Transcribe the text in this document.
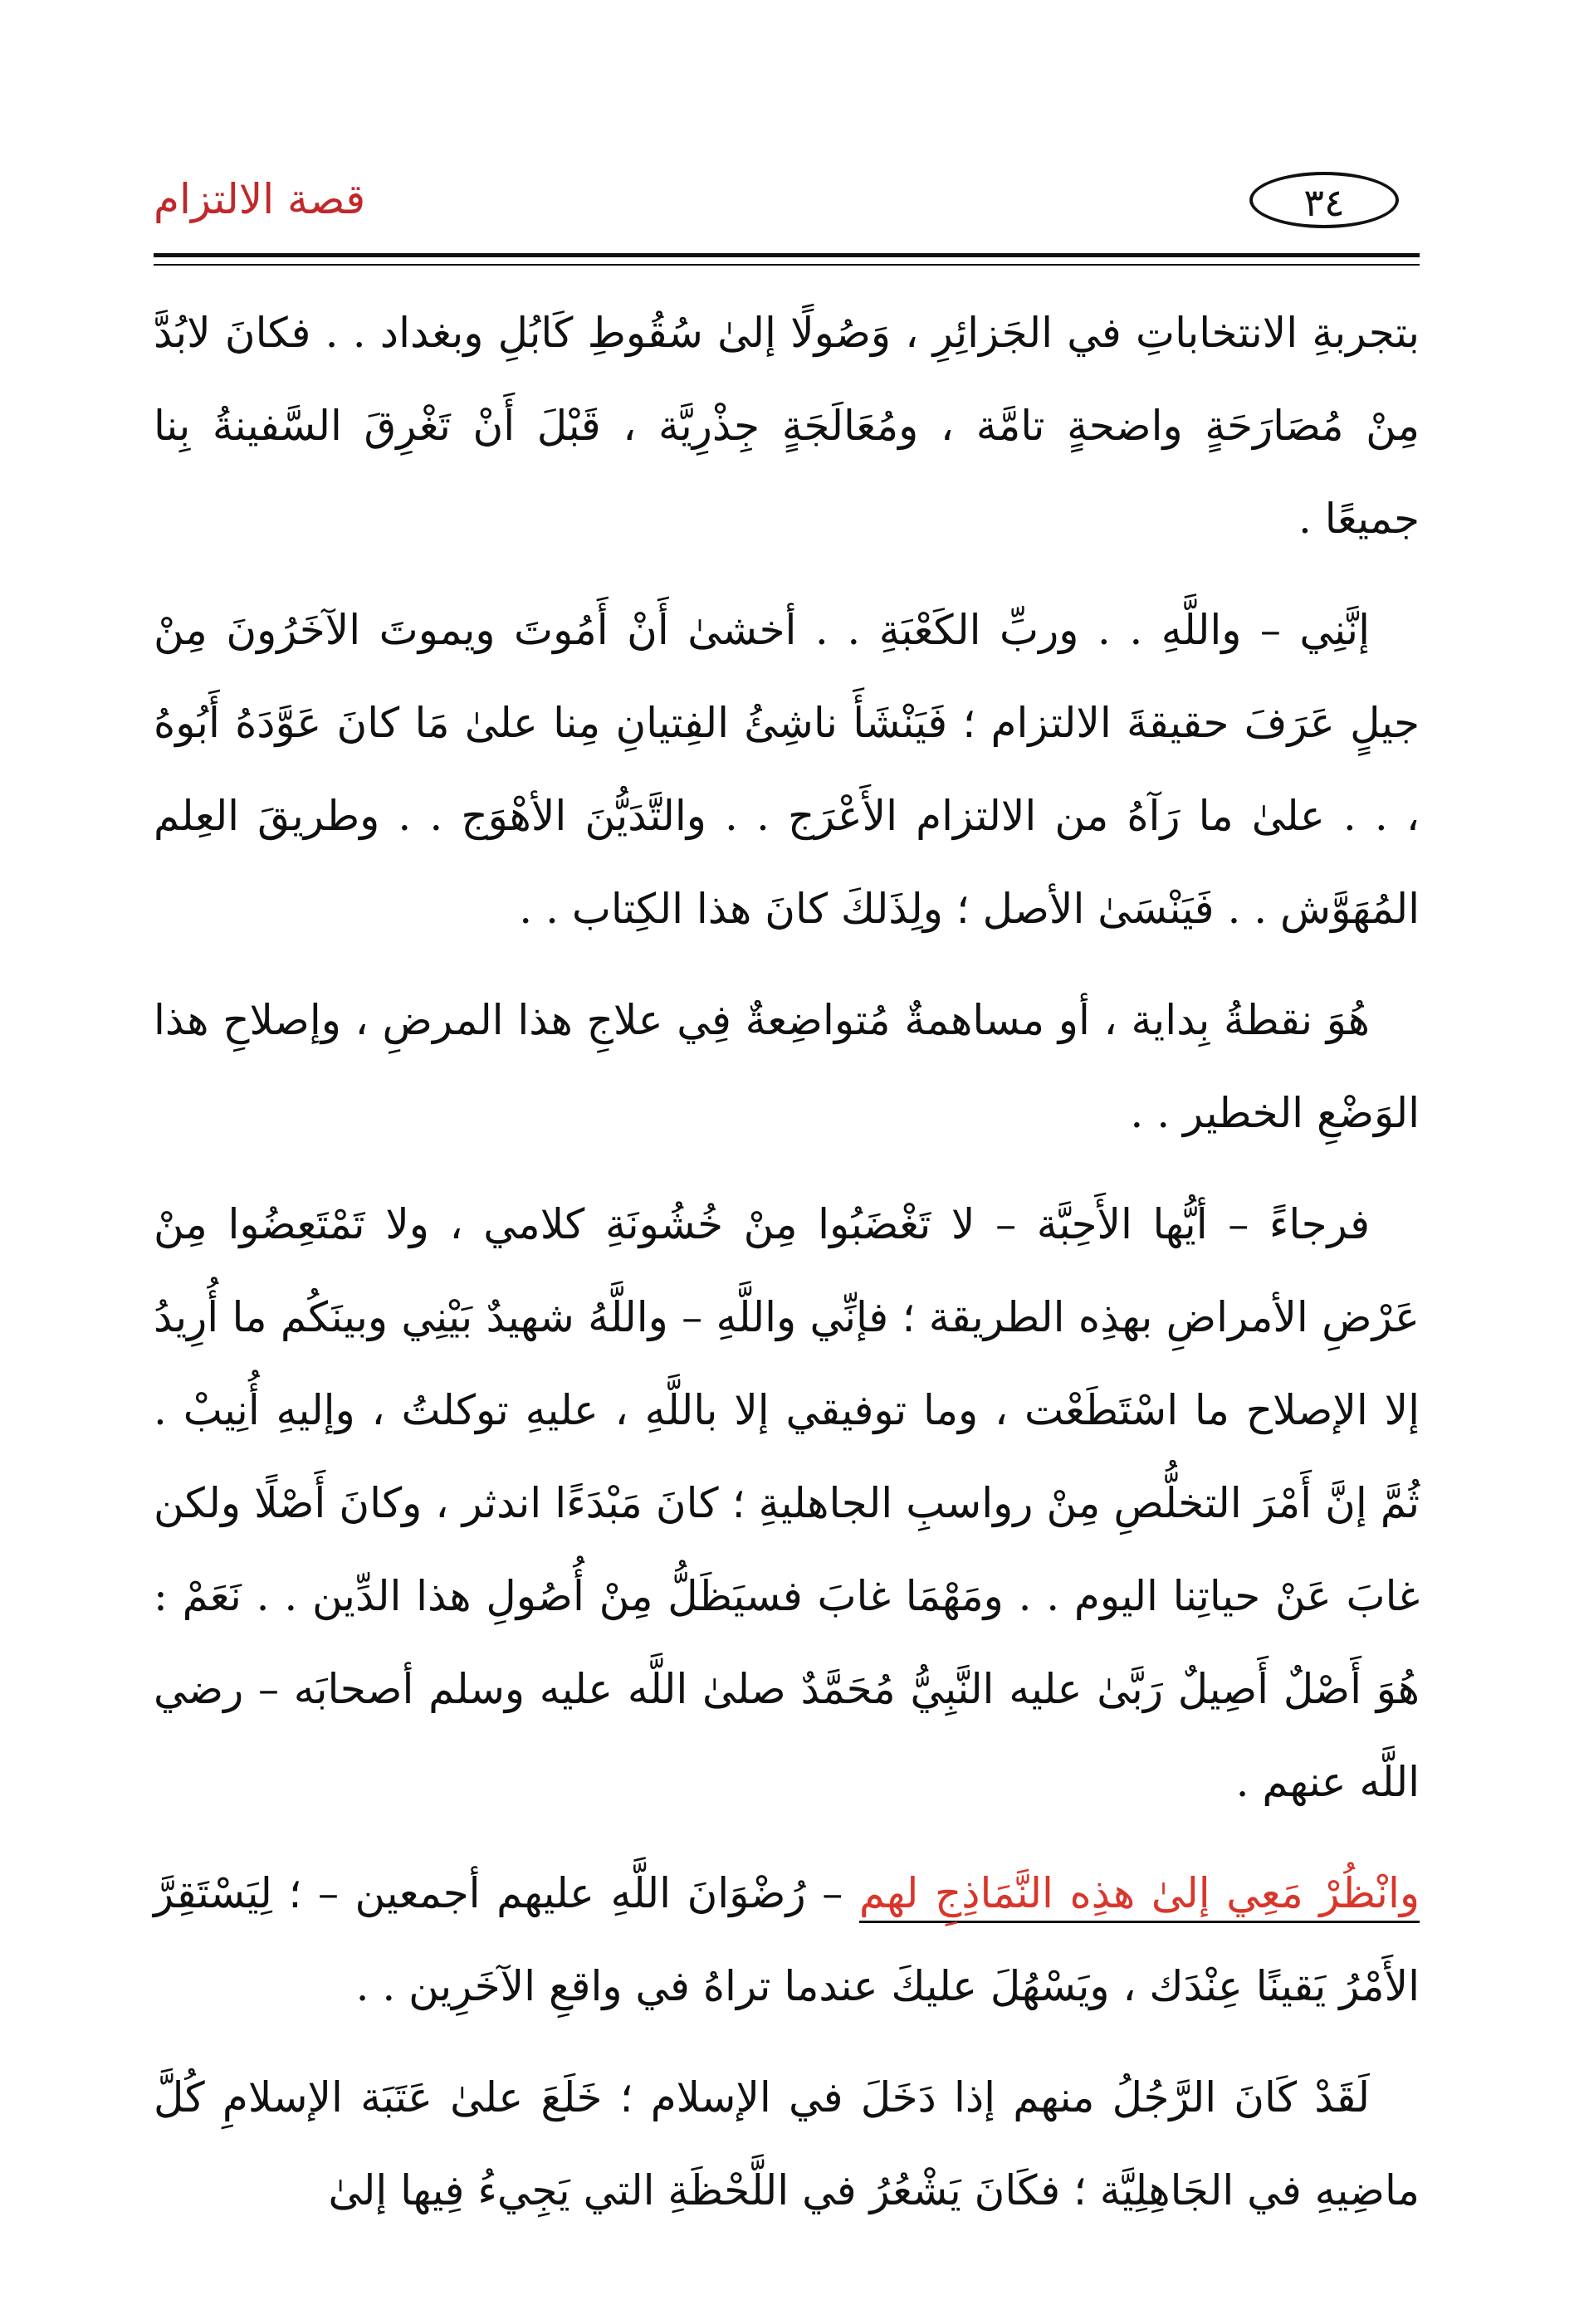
قصة الالتزام	٣٤

بتجربةِ الانتخاباتِ في الجَزائِرِ ، وَصُولًا إلىٰ سُقُوطِ كَابُلِ وبغداد . . فكانَ لابُدَّ مِنْ مُصَارَحَةٍ واضحةٍ تامَّة ، ومُعَالَجَةٍ جِذْرِيَّة ، قَبْلَ أَنْ تَغْرِقَ السَّفينةُ بِنا جميعًا .

إنَّنِي – واللَّهِ . . وربِّ الكَعْبَةِ . . أخشىٰ أَنْ أَمُوتَ ويموتَ الآخَرُونَ مِنْ جيلٍ عَرَفَ حقيقةَ الالتزام ؛ فَيَنْشَأَ ناشِئُ الفِتيانِ مِنا علىٰ مَا كانَ عَوَّدَهُ أَبُوهُ ، . . علىٰ ما رَآهُ من الالتزام الأَعْرَج . . والتَّدَيُّنَ الأهْوَج . . وطريقَ العِلم المُهَوَّش . . فَيَنْسَىٰ الأصل ؛ ولِذَلكَ كانَ هذا الكِتاب . .

هُوَ نقطةُ بِداية ، أو مساهمةٌ مُتواضِعةٌ فِي علاجِ هذا المرضِ ، وإصلاحِ هذا الوَضْعِ الخطير . .

فرجاءً – أيُّها الأَحِبَّة – لا تَغْضَبُوا مِنْ خُشُونَةِ كلامي ، ولا تَمْتَعِضُوا مِنْ عَرْضِ الأمراضِ بهذِه الطريقة ؛ فإنِّي واللَّهِ – واللَّهُ شهيدٌ بَيْنِي وبينَكُم ما أُرِيدُ إلا الإصلاح ما اسْتَطَعْت ، وما توفيقي إلا باللَّهِ ، عليهِ توكلتُ ، وإليهِ أُنِيبْ . ثُمَّ إنَّ أَمْرَ التخلُّصِ مِنْ رواسبِ الجاهليةِ ؛ كانَ مَبْدَءًا اندثر ، وكانَ أَصْلًا ولكن غابَ عَنْ حياتِنا اليوم . . ومَهْمَا غابَ فسيَظَلُّ مِنْ أُصُولِ هذا الدِّين . . نَعَمْ : هُوَ أَصْلٌ أَصِيلٌ رَبَّىٰ عليه النَّبِيُّ مُحَمَّدٌ صلىٰ اللَّه عليه وسلم أصحابَه – رضي اللَّه عنهم .

وانْظُرْ مَعِي إلىٰ هذِه النَّمَاذِجِ لهم – رُضْوَانَ اللَّهِ عليهم أجمعين – ؛ لِيَسْتَقِرَّ الأَمْرُ يَقينًا عِنْدَك ، ويَسْهُلَ عليكَ عندما تراهُ في واقعِ الآخَرِين . .

لَقَدْ كَانَ الرَّجُلُ منهم إذا دَخَلَ في الإسلام ؛ خَلَعَ علىٰ عَتَبَة الإسلامِ كُلَّ ماضِيهِ في الجَاهِلِيَّة ؛ فكَانَ يَشْعُرُ في اللَّحْظَةِ التي يَجِيءُ فِيها إلىٰ
